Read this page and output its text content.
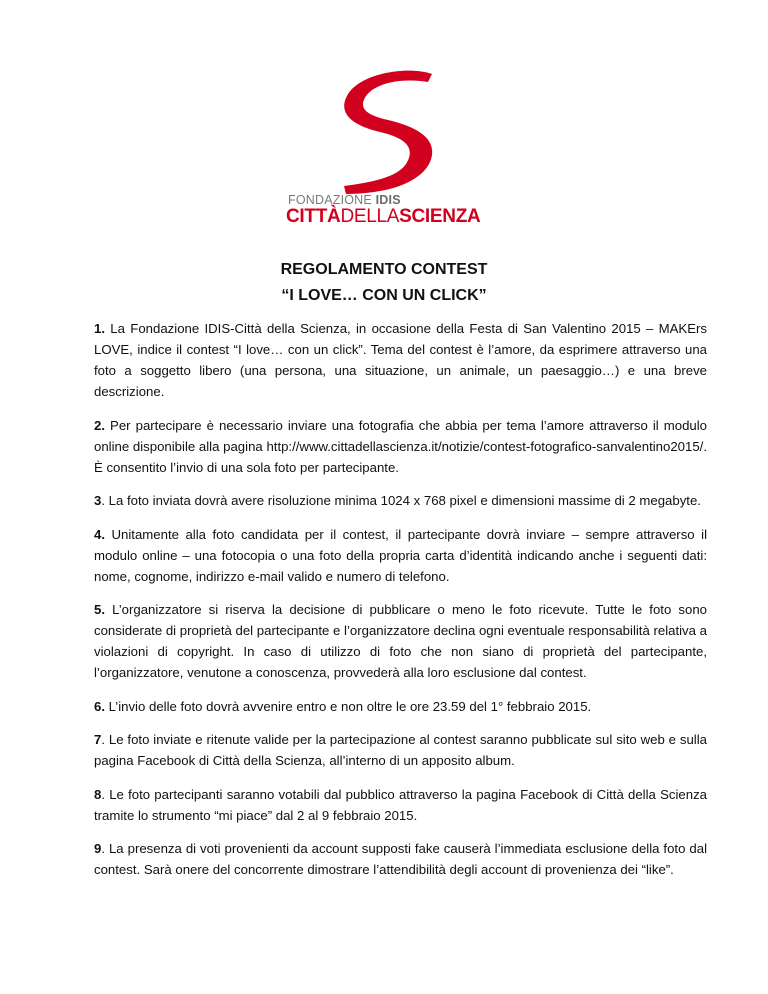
FONDAZIONE IDIS
CITTÀDELLASCIENZA
REGOLAMENTO CONTEST
“I LOVE… CON UN CLICK”

1. La Fondazione IDIS-Città della Scienza, in occasione della Festa di San Valentino 2015 – MAKErs LOVE, indice il contest “I love… con un click”. Tema del contest è l’amore, da esprimere attraverso una foto a soggetto libero (una persona, una situazione, un animale, un paesaggio…) e una breve descrizione.

2. Per partecipare è necessario inviare una fotografia che abbia per tema l’amore attraverso il modulo online disponibile alla pagina http://www.cittadellascienza.it/notizie/contest-fotografico-sanvalentino2015/. È consentito l’invio di una sola foto per partecipante.

3. La foto inviata dovrà avere risoluzione minima 1024 x 768 pixel e dimensioni massime di 2 megabyte.

4. Unitamente alla foto candidata per il contest, il partecipante dovrà inviare – sempre attraverso il modulo online – una fotocopia o una foto della propria carta d’identità indicando anche i seguenti dati: nome, cognome, indirizzo e-mail valido e numero di telefono.

5. L’organizzatore si riserva la decisione di pubblicare o meno le foto ricevute. Tutte le foto sono considerate di proprietà del partecipante e l’organizzatore declina ogni eventuale responsabilità relativa a violazioni di copyright. In caso di utilizzo di foto che non siano di proprietà del partecipante, l’organizzatore, venutone a conoscenza, provvederà alla loro esclusione dal contest.

6. L’invio delle foto dovrà avvenire entro e non oltre le ore 23.59 del 1° febbraio 2015.

7. Le foto inviate e ritenute valide per la partecipazione al contest saranno pubblicate sul sito web e sulla pagina Facebook di Città della Scienza, all’interno di un apposito album.

8. Le foto partecipanti saranno votabili dal pubblico attraverso la pagina Facebook di Città della Scienza tramite lo strumento “mi piace” dal 2 al 9 febbraio 2015.

9. La presenza di voti provenienti da account supposti fake causerà l’immediata esclusione della foto dal contest. Sarà onere del concorrente dimostrare l’attendibilità degli account di provenienza dei “like”.
